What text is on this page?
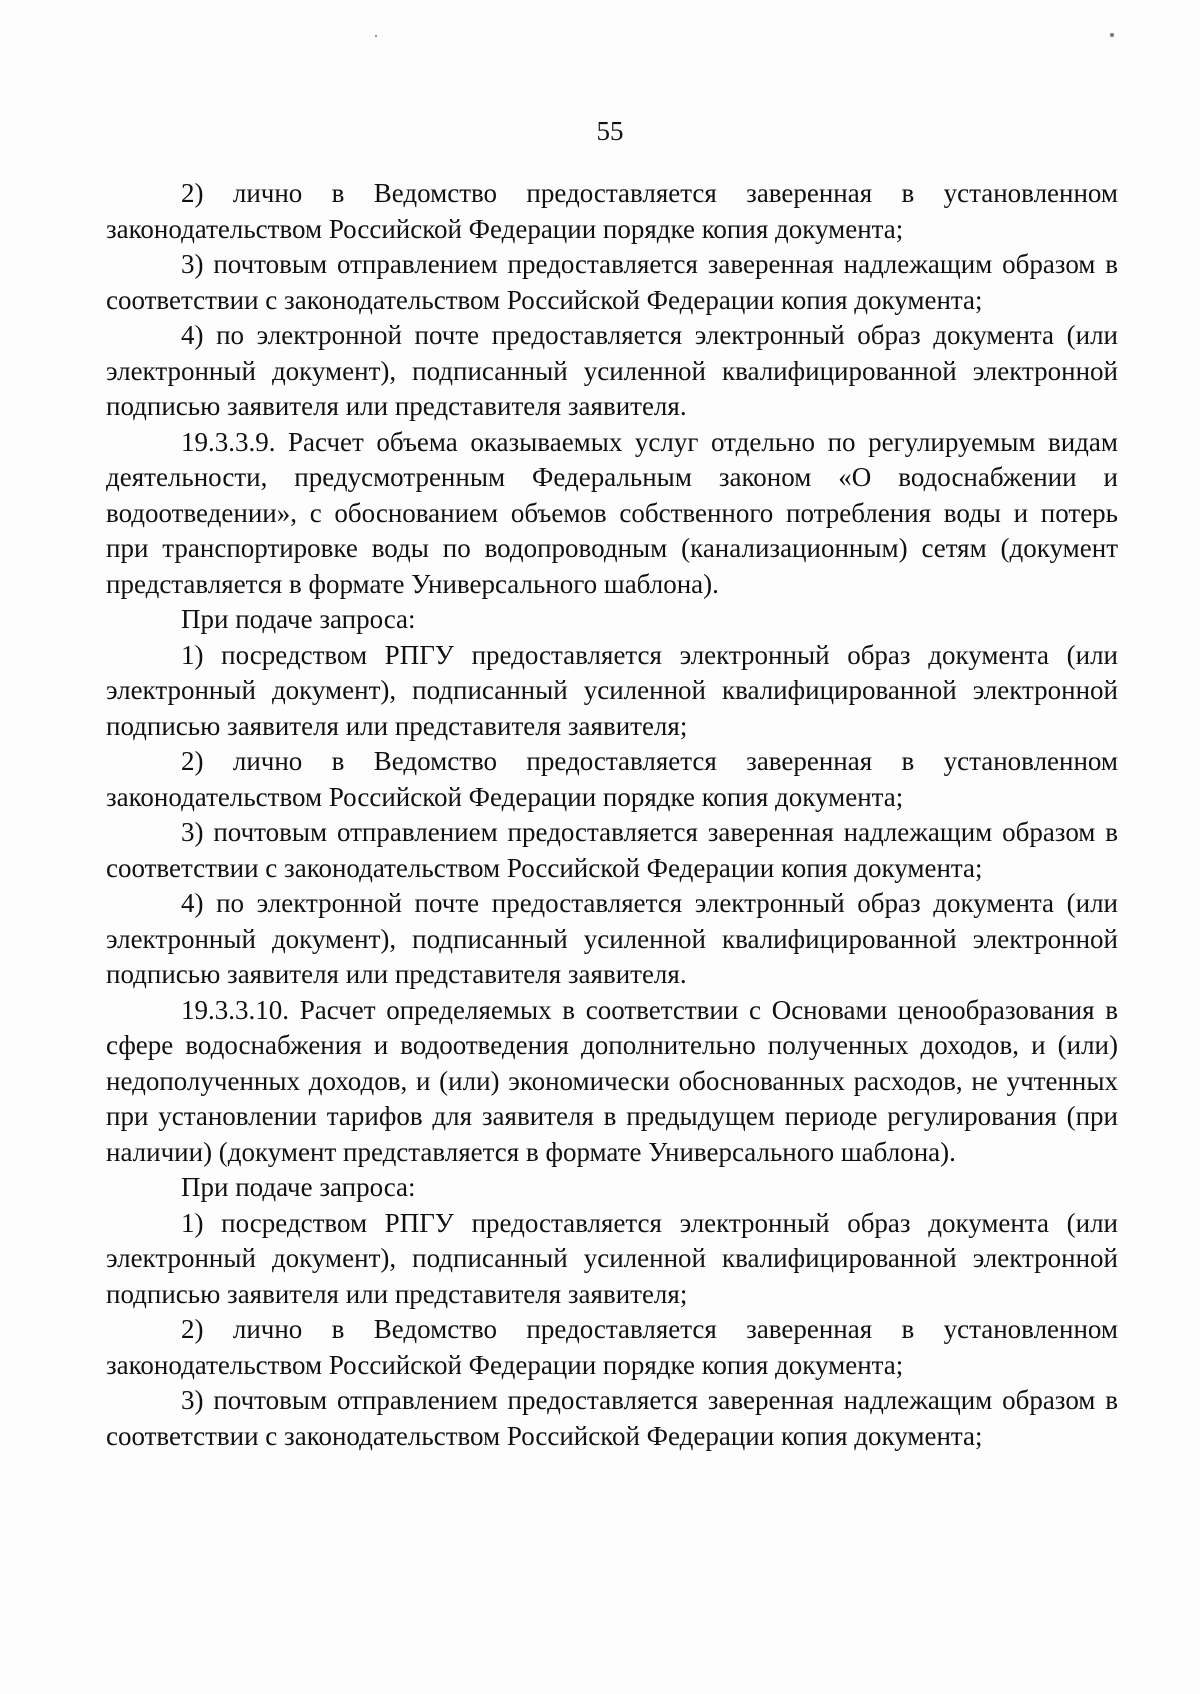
55

2) лично в Ведомство предоставляется заверенная в установленном законодательством Российской Федерации порядке копия документа;

3) почтовым отправлением предоставляется заверенная надлежащим образом в соответствии с законодательством Российской Федерации копия документа;

4) по электронной почте предоставляется электронный образ документа (или электронный документ), подписанный усиленной квалифицированной электронной подписью заявителя или представителя заявителя.

19.3.3.9. Расчет объема оказываемых услуг отдельно по регулируемым видам деятельности, предусмотренным Федеральным законом «О водоснабжении и водоотведении», с обоснованием объемов собственного потребления воды и потерь при транспортировке воды по водопроводным (канализационным) сетям (документ представляется в формате Универсального шаблона).

При подаче запроса:

1) посредством РПГУ предоставляется электронный образ документа (или электронный документ), подписанный усиленной квалифицированной электронной подписью заявителя или представителя заявителя;

2) лично в Ведомство предоставляется заверенная в установленном законодательством Российской Федерации порядке копия документа;

3) почтовым отправлением предоставляется заверенная надлежащим образом в соответствии с законодательством Российской Федерации копия документа;

4) по электронной почте предоставляется электронный образ документа (или электронный документ), подписанный усиленной квалифицированной электронной подписью заявителя или представителя заявителя.

19.3.3.10. Расчет определяемых в соответствии с Основами ценообразования в сфере водоснабжения и водоотведения дополнительно полученных доходов, и (или) недополученных доходов, и (или) экономически обоснованных расходов, не учтенных при установлении тарифов для заявителя в предыдущем периоде регулирования (при наличии) (документ представляется в формате Универсального шаблона).

При подаче запроса:

1) посредством РПГУ предоставляется электронный образ документа (или электронный документ), подписанный усиленной квалифицированной электронной подписью заявителя или представителя заявителя;

2) лично в Ведомство предоставляется заверенная в установленном законодательством Российской Федерации порядке копия документа;

3) почтовым отправлением предоставляется заверенная надлежащим образом в соответствии с законодательством Российской Федерации копия документа;
